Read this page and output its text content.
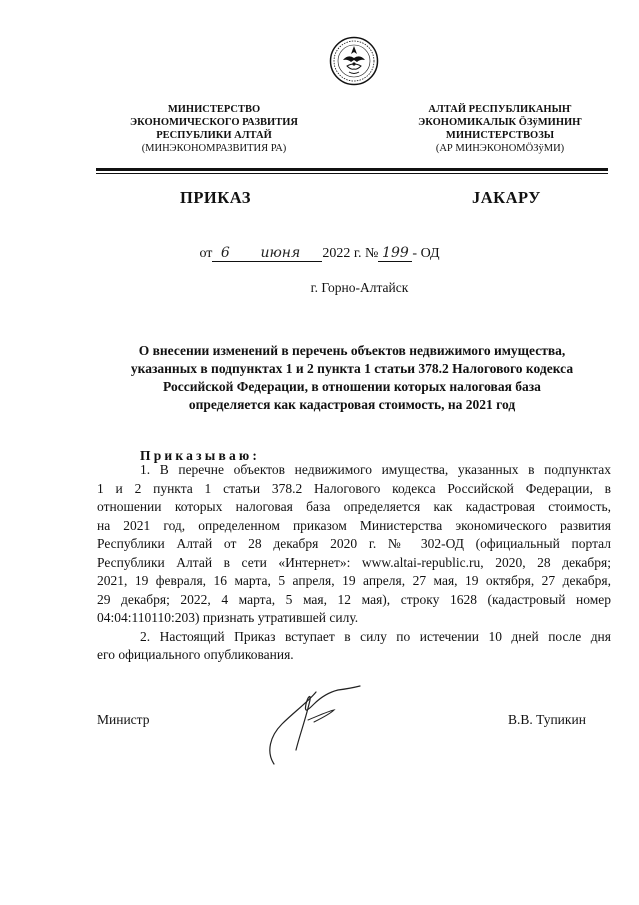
МИНИСТЕРСТВО
ЭКОНОМИЧЕСКОГО РАЗВИТИЯ
РЕСПУБЛИКИ АЛТАЙ
(МИНЭКОНОМРАЗВИТИЯ РА)
АЛТАЙ РЕСПУБЛИКАНЫҤ
ЭКОНОМИКАЛЫК ÖЗÿМИНИҤ
МИНИСТЕРСТВОЗЫ
(АР МИНЭКОНОМÖЗÿМИ)
ПРИКАЗ	ЈАКАРУ
от 6 июня 2022 г. № 199 - ОД
г. Горно-Алтайск
О внесении изменений в перечень объектов недвижимого имущества,
указанных в подпунктах 1 и 2 пункта 1 статьи 378.2 Налогового кодекса
Российской Федерации, в отношении которых налоговая база
определяется как кадастровая стоимость, на 2021 год
Приказываю:
1. В перечне объектов недвижимого имущества, указанных в подпунктах
1 и 2 пункта 1 статьи 378.2 Налогового кодекса Российской Федерации, в
отношении которых налоговая база определяется как кадастровая стоимость,
на 2021 год, определенном приказом Министерства экономического развития
Республики Алтай от 28 декабря 2020 г. № 302-ОД (официальный портал
Республики Алтай в сети «Интернет»: www.altai-republic.ru, 2020, 28 декабря;
2021, 19 февраля, 16 марта, 5 апреля, 19 апреля, 27 мая, 19 октября, 27 декабря,
29 декабря; 2022, 4 марта, 5 мая, 12 мая), строку 1628 (кадастровый номер
04:04:110110:203) признать утратившей силу.
2. Настоящий Приказ вступает в силу по истечении 10 дней после дня
его официального опубликования.
Министр	В.В. Тупикин
